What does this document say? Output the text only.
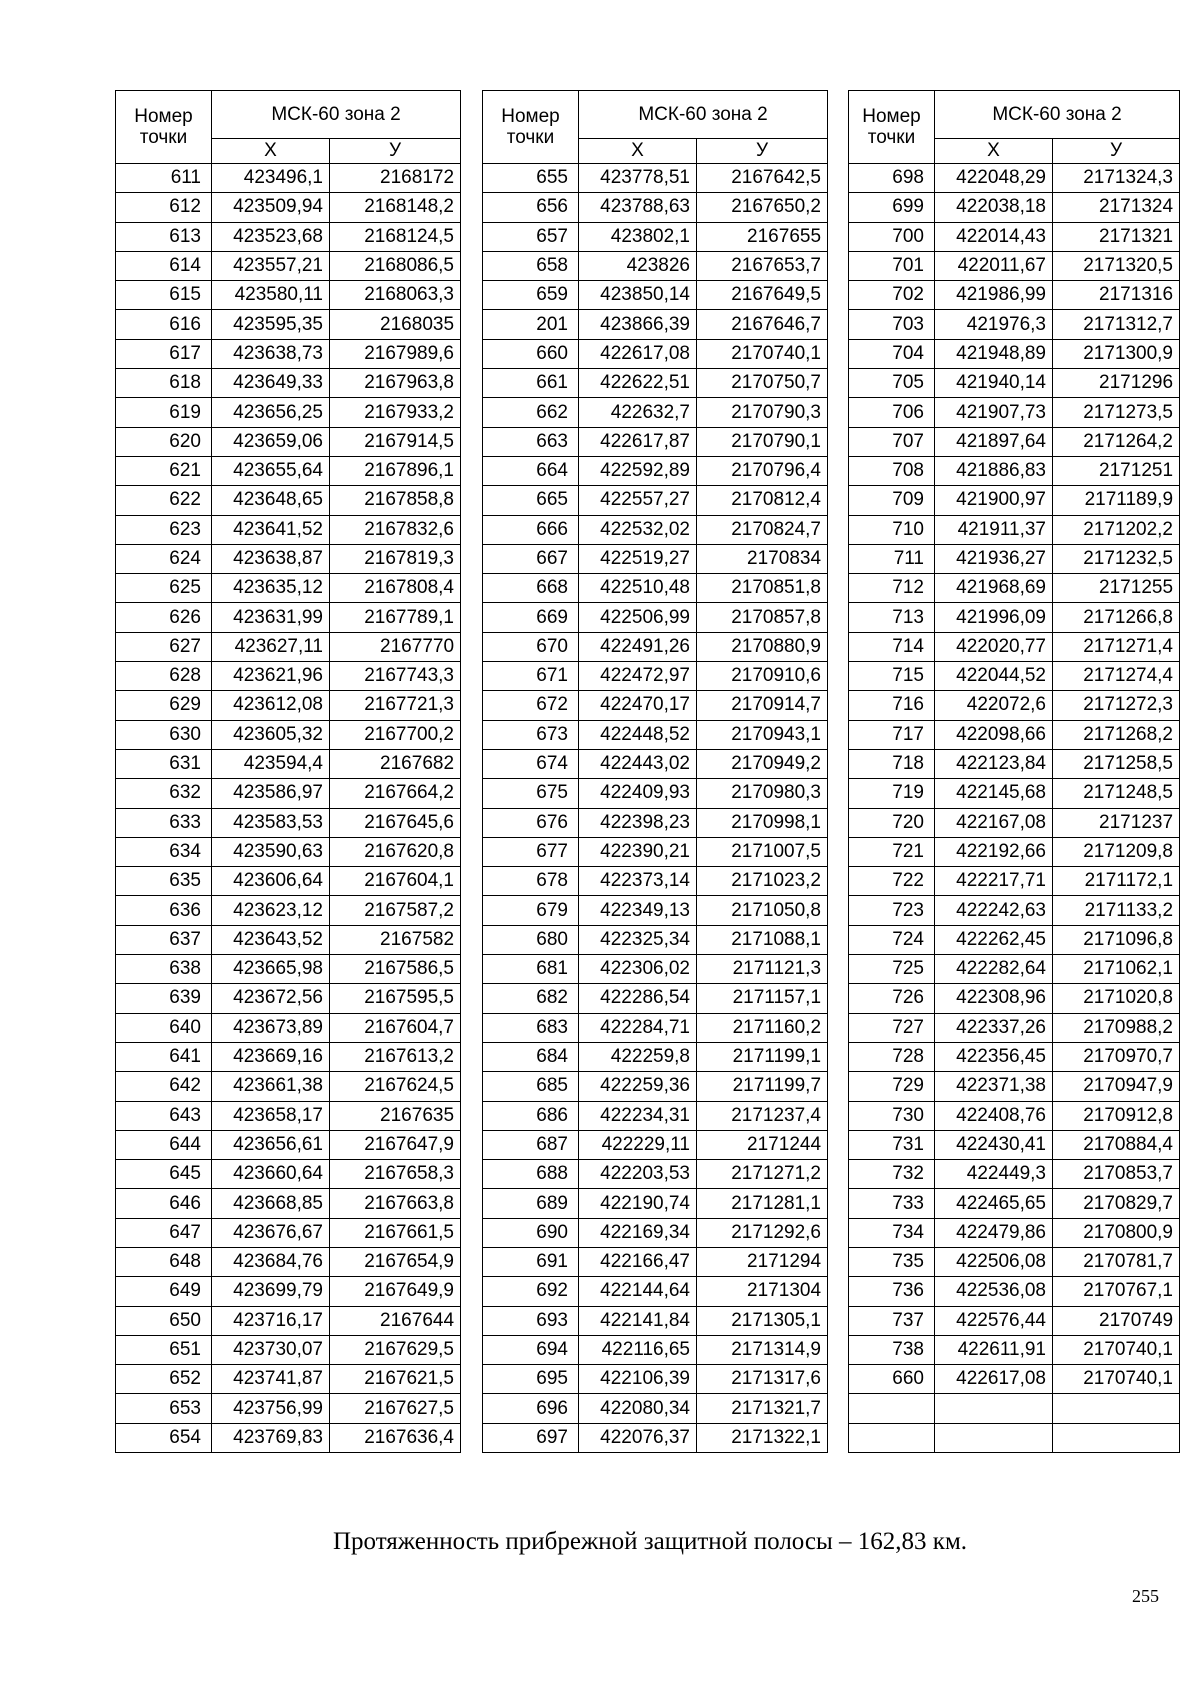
Номер точки	МСК-60 зона 2	
	Х	У
611	423496,1	2168172
612	423509,94	2168148,2
613	423523,68	2168124,5
614	423557,21	2168086,5
615	423580,11	2168063,3
616	423595,35	2168035
617	423638,73	2167989,6
618	423649,33	2167963,8
619	423656,25	2167933,2
620	423659,06	2167914,5
621	423655,64	2167896,1
622	423648,65	2167858,8
623	423641,52	2167832,6
624	423638,87	2167819,3
625	423635,12	2167808,4
626	423631,99	2167789,1
627	423627,11	2167770
628	423621,96	2167743,3
629	423612,08	2167721,3
630	423605,32	2167700,2
631	423594,4	2167682
632	423586,97	2167664,2
633	423583,53	2167645,6
634	423590,63	2167620,8
635	423606,64	2167604,1
636	423623,12	2167587,2
637	423643,52	2167582
638	423665,98	2167586,5
639	423672,56	2167595,5
640	423673,89	2167604,7
641	423669,16	2167613,2
642	423661,38	2167624,5
643	423658,17	2167635
644	423656,61	2167647,9
645	423660,64	2167658,3
646	423668,85	2167663,8
647	423676,67	2167661,5
648	423684,76	2167654,9
649	423699,79	2167649,9
650	423716,17	2167644
651	423730,07	2167629,5
652	423741,87	2167621,5
653	423756,99	2167627,5
654	423769,83	2167636,4
Номер точки	МСК-60 зона 2	
	Х	У
655	423778,51	2167642,5
656	423788,63	2167650,2
657	423802,1	2167655
658	423826	2167653,7
659	423850,14	2167649,5
201	423866,39	2167646,7
660	422617,08	2170740,1
661	422622,51	2170750,7
662	422632,7	2170790,3
663	422617,87	2170790,1
664	422592,89	2170796,4
665	422557,27	2170812,4
666	422532,02	2170824,7
667	422519,27	2170834
668	422510,48	2170851,8
669	422506,99	2170857,8
670	422491,26	2170880,9
671	422472,97	2170910,6
672	422470,17	2170914,7
673	422448,52	2170943,1
674	422443,02	2170949,2
675	422409,93	2170980,3
676	422398,23	2170998,1
677	422390,21	2171007,5
678	422373,14	2171023,2
679	422349,13	2171050,8
680	422325,34	2171088,1
681	422306,02	2171121,3
682	422286,54	2171157,1
683	422284,71	2171160,2
684	422259,8	2171199,1
685	422259,36	2171199,7
686	422234,31	2171237,4
687	422229,11	2171244
688	422203,53	2171271,2
689	422190,74	2171281,1
690	422169,34	2171292,6
691	422166,47	2171294
692	422144,64	2171304
693	422141,84	2171305,1
694	422116,65	2171314,9
695	422106,39	2171317,6
696	422080,34	2171321,7
697	422076,37	2171322,1
Номер точки	МСК-60 зона 2	
	Х	У
698	422048,29	2171324,3
699	422038,18	2171324
700	422014,43	2171321
701	422011,67	2171320,5
702	421986,99	2171316
703	421976,3	2171312,7
704	421948,89	2171300,9
705	421940,14	2171296
706	421907,73	2171273,5
707	421897,64	2171264,2
708	421886,83	2171251
709	421900,97	2171189,9
710	421911,37	2171202,2
711	421936,27	2171232,5
712	421968,69	2171255
713	421996,09	2171266,8
714	422020,77	2171271,4
715	422044,52	2171274,4
716	422072,6	2171272,3
717	422098,66	2171268,2
718	422123,84	2171258,5
719	422145,68	2171248,5
720	422167,08	2171237
721	422192,66	2171209,8
722	422217,71	2171172,1
723	422242,63	2171133,2
724	422262,45	2171096,8
725	422282,64	2171062,1
726	422308,96	2171020,8
727	422337,26	2170988,2
728	422356,45	2170970,7
729	422371,38	2170947,9
730	422408,76	2170912,8
731	422430,41	2170884,4
732	422449,3	2170853,7
733	422465,65	2170829,7
734	422479,86	2170800,9
735	422506,08	2170781,7
736	422536,08	2170767,1
737	422576,44	2170749
738	422611,91	2170740,1
660	422617,08	2170740,1

Протяженность прибрежной защитной полосы – 162,83 км.
255
